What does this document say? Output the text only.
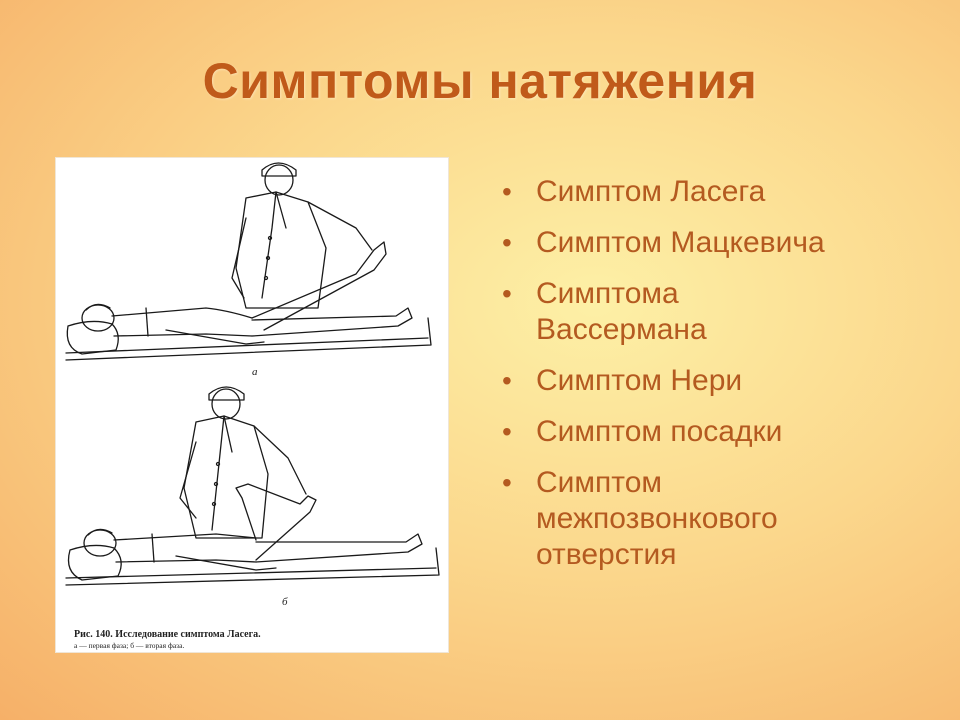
Симптомы натяжения
а
б
Рис. 140. Исследование симптома Ласега.
а — первая фаза; б — вторая фаза.
• Симптом Ласега
• Симптом Мацкевича
• Симптома
Вассермана
• Симптом Нери
• Симптом посадки
• Симптом
межпозвонкового
отверстия
